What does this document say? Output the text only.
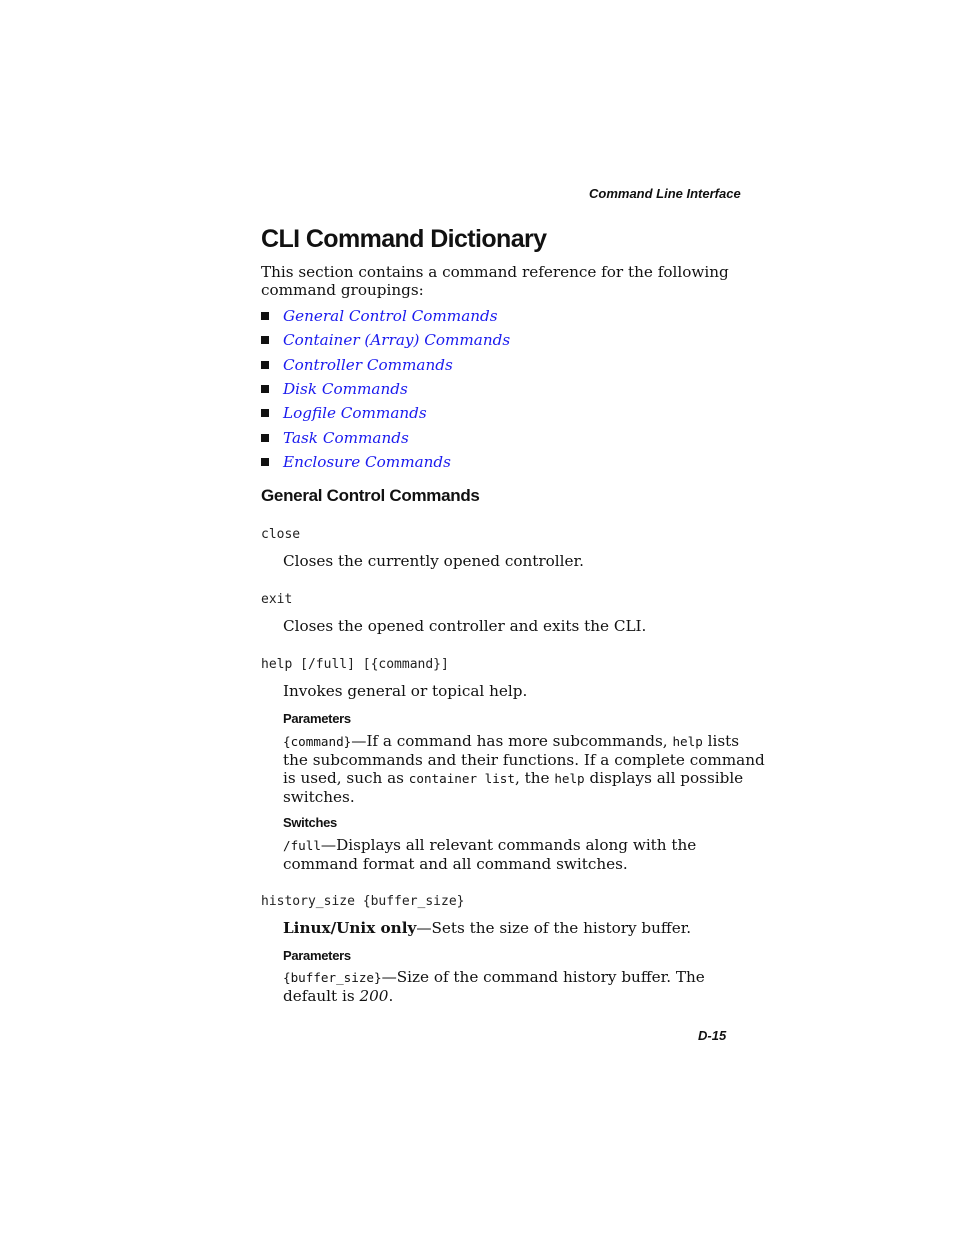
Command Line Interface
CLI Command Dictionary
This section contains a command reference for the following
command groupings:
General Control Commands
Container (Array) Commands
Controller Commands
Disk Commands
Logfile Commands
Task Commands
Enclosure Commands
General Control Commands
close
Closes the currently opened controller.
exit
Closes the opened controller and exits the CLI.
help [/full] [{command}]
Invokes general or topical help.
Parameters
{command}—If a command has more subcommands, help lists
the subcommands and their functions. If a complete command
is used, such as container list, the help displays all possible
switches.
Switches
/full—Displays all relevant commands along with the
command format and all command switches.
history_size {buffer_size}
Linux/Unix only—Sets the size of the history buffer.
Parameters
{buffer_size}—Size of the command history buffer. The
default is 200.
D-15
